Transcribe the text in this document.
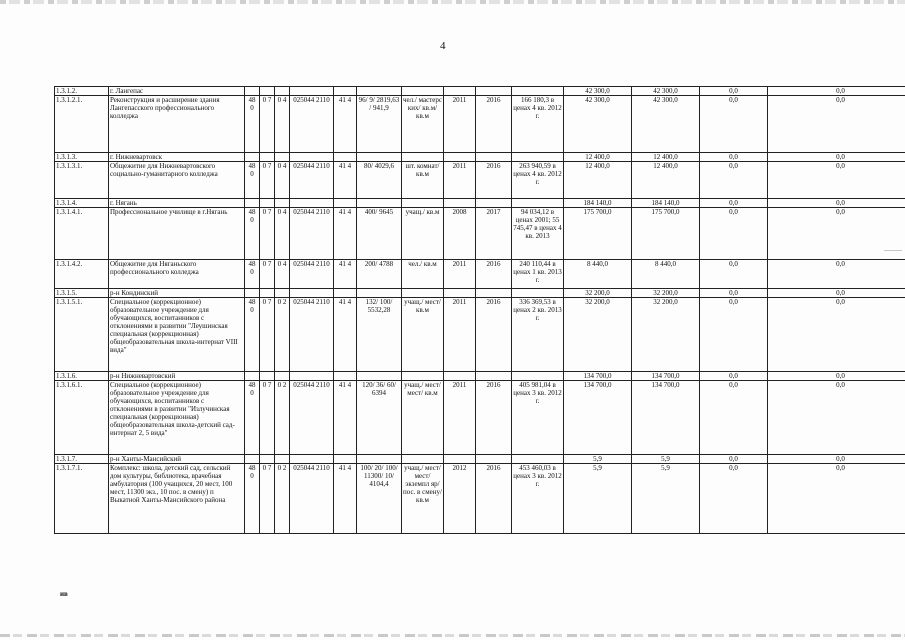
4
1.3.1.2.	г. Лангепас											42 300,0	42 300,0	0,0	0,0
1.3.1.2.1.	Реконструкция и расширение здания Лангепасского профессионального колледжа	48 0	0 7	0 4	025044 2110	41 4	96/ 9/ 2819,63 / 941,9	чел./ мастерс ких/ кв.м/ кв.м	2011	2016	166 180,3 в ценах 4 кв. 2012 г.	42 300,0	42 300,0	0,0	0,0
1.3.1.3.	г. Нижневартовск											12 400,0	12 400,0	0,0	0,0
1.3.1.3.1.	Общежитие для Нижневартовского социально-гуманитарного колледжа	48 0	0 7	0 4	025044 2110	41 4	80/ 4029,6	шт. комнат/ кв.м	2011	2016	263 940,59 в ценах 4 кв. 2012 г.	12 400,0	12 400,0	0,0	0,0
1.3.1.4.	г. Нягань											184 140,0	184 140,0	0,0	0,0
1.3.1.4.1.	Профессиональное училище в г.Нягань	48 0	0 7	0 4	025044 2110	41 4	400/ 9645	учащ./ кв.м	2008	2017	94 034,12 в ценах 2001; 55 745,47 в ценах 4 кв. 2013	175 700,0	175 700,0	0,0	0,0
1.3.1.4.2.	Общежитие для Няганьского профессионального колледжа	48 0	0 7	0 4	025044 2110	41 4	200/ 4788	чел./ кв.м	2011	2016	240 110,44 в ценах 1 кв. 2013 г.	8 440,0	8 440,0	0,0	0,0
1.3.1.5.	р-н Кондинский											32 200,0	32 200,0	0,0	0,0
1.3.1.5.1.	Специальное (коррекционное) образовательное учреждение для обучающихся, воспитанников с отклонениями в развитии "Леушинская специальная (коррекционная) общеобразовательная школа-интернат VIII вида"	48 0	0 7	0 2	025044 2110	41 4	132/ 100/ 5532,28	учащ./ мест/ кв.м	2011	2016	336 369,53 в ценах 2 кв. 2013 г.	32 200,0	32 200,0	0,0	0,0
1.3.1.6.	р-н Нижневартовский											134 700,0	134 700,0	0,0	0,0
1.3.1.6.1.	Специальное (коррекционное) образовательное учреждение для обучающихся, воспитанников с отклонениями в развитии "Излучинская специальная (коррекционная) общеобразовательная школа-детский сад-интернат 2, 5 вида"	48 0	0 7	0 2	025044 2110	41 4	120/ 36/ 60/ 6394	учащ./ мест/ мест/ кв.м	2011	2016	405 981,04 в ценах 3 кв. 2012 г.	134 700,0	134 700,0	0,0	0,0
1.3.1.7.	р-н Ханты-Мансийский											5,9	5,9	0,0	0,0
1.3.1.7.1.	Комплекс: школа, детский сад, сельский дом культуры, библиотека, врачебная амбулатория (100 учащихся, 20 мест, 100 мест, 11300 экз., 10 пос. в смену) п Выкатной Ханты-Мансийского района	48 0	0 7	0 2	025044 2110	41 4	100/ 20/ 100/ 11300/ 10/ 4104,4	учащ./ мест/ мест/ экземпл яр/ пос. в смену/ кв.м	2012	2016	453 460,03 в ценах 3 кв. 2012 г.	5,9	5,9	0,0	0,0
ив
